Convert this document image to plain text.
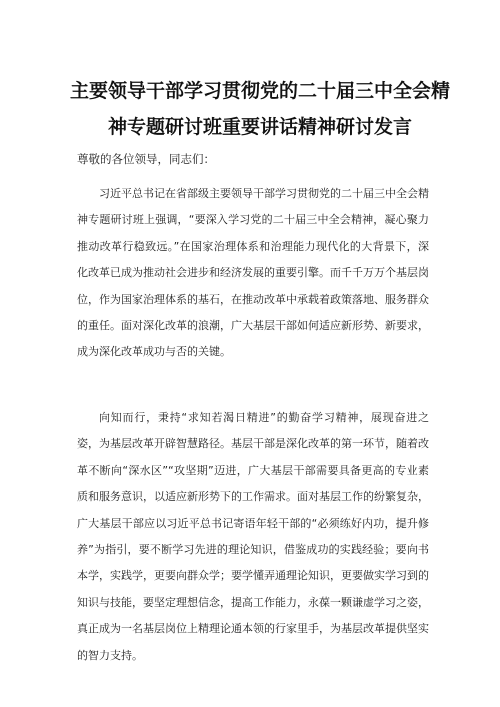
主要领导干部学习贯彻党的二十届三中全会精
神专题研讨班重要讲话精神研讨发言

尊敬的各位领导，同志们：

习近平总书记在省部级主要领导干部学习贯彻党的二十届三中全会精神专题研讨班上强调，“要深入学习党的二十届三中全会精神，凝心聚力推动改革行稳致远。”在国家治理体系和治理能力现代化的大背景下，深化改革已成为推动社会进步和经济发展的重要引擎。而千千万万个基层岗位，作为国家治理体系的基石，在推动改革中承载着政策落地、服务群众的重任。面对深化改革的浪潮，广大基层干部如何适应新形势、新要求，成为深化改革成功与否的关键。

向知而行，秉持“求知若渴日精进”的勤奋学习精神，展现奋进之姿，为基层改革开辟智慧路径。基层干部是深化改革的第一环节，随着改革不断向“深水区”“攻坚期”迈进，广大基层干部需要具备更高的专业素质和服务意识，以适应新形势下的工作需求。面对基层工作的纷繁复杂，广大基层干部应以习近平总书记寄语年轻干部的“必须练好内功，提升修养”为指引，要不断学习先进的理论知识，借鉴成功的实践经验；要向书本学，实践学，更要向群众学；要学懂弄通理论知识，更要做实学习到的知识与技能，要坚定理想信念，提高工作能力，永葆一颗谦虚学习之姿，真正成为一名基层岗位上精理论通本领的行家里手，为基层改革提供坚实的智力支持。
